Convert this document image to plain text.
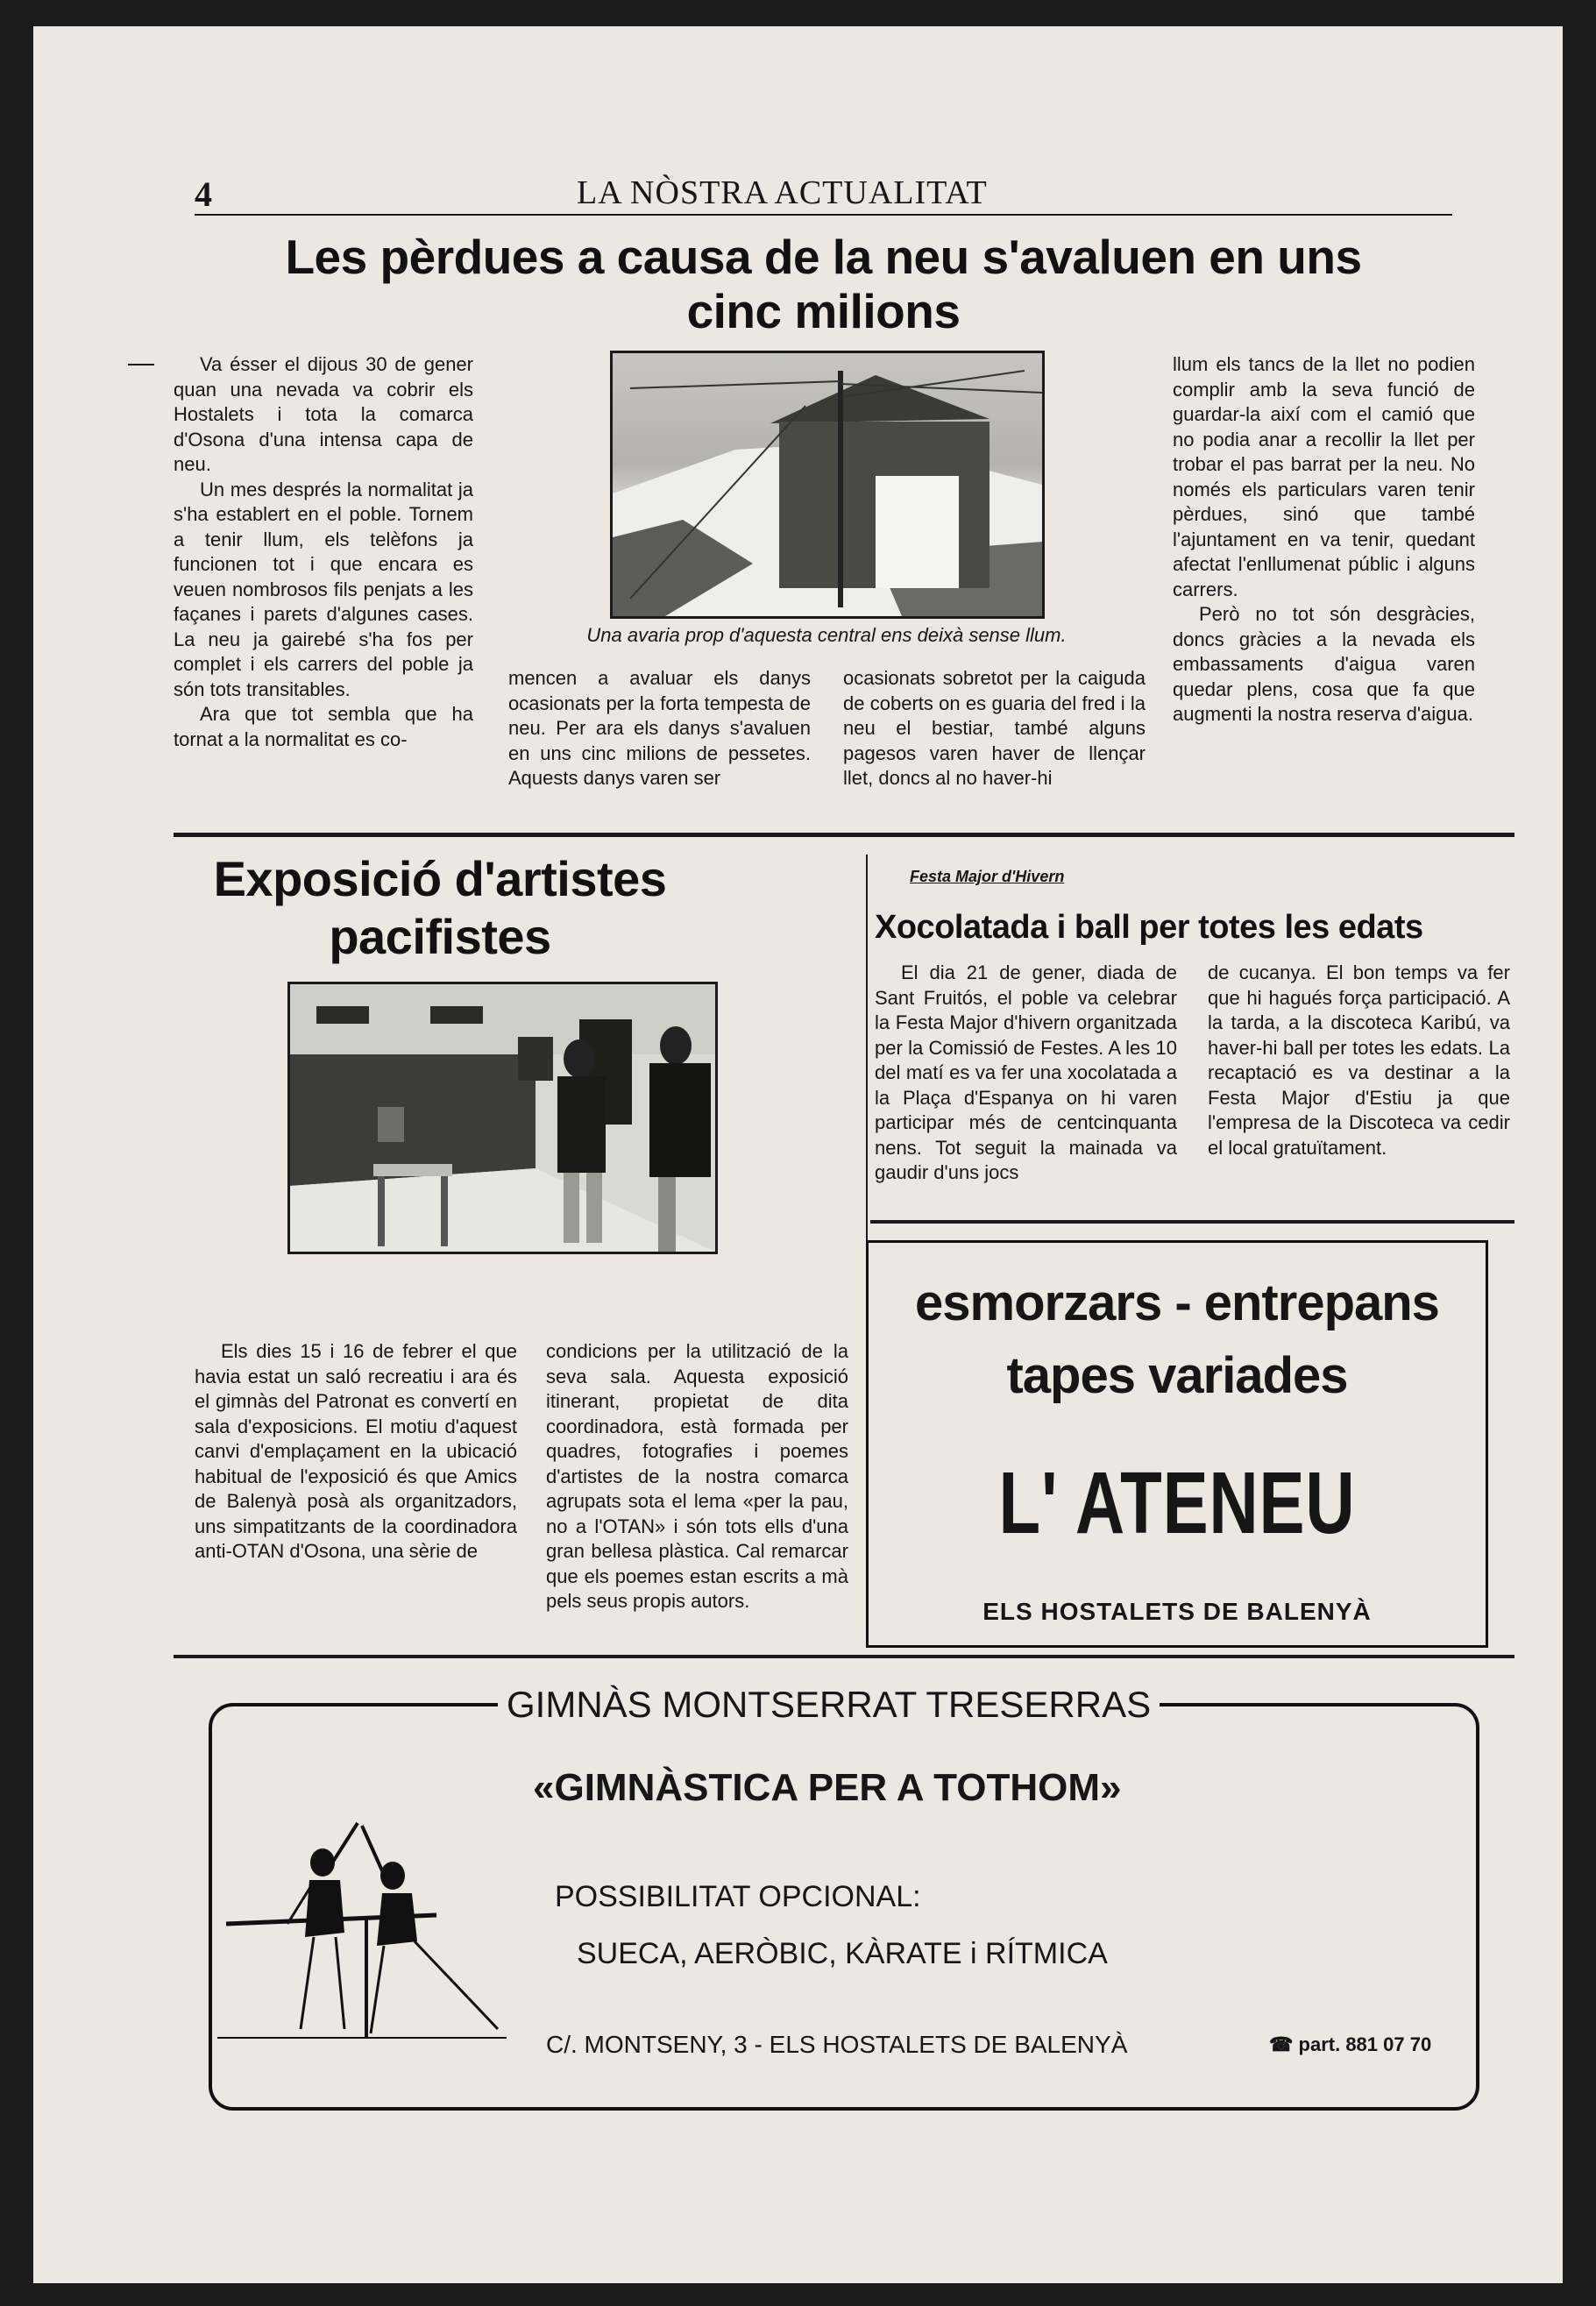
4	LA NÒSTRA ACTUALITAT
Les pèrdues a causa de la neu s'avaluen en uns
cinc milions
Una avaria prop d'aquesta central ens deixà sense llum.

Va ésser el dijous 30 de gener quan una nevada va cobrir els Hostalets i tota la comarca d'Osona d'una intensa capa de neu.

Un mes després la normalitat ja s'ha establert en el poble. Tornem a tenir llum, els telèfons ja funcionen tot i que encara es veuen nombrosos fils penjats a les façanes i parets d'algunes cases. La neu ja gairebé s'ha fos per complet i els carrers del poble ja són tots transitables.

Ara que tot sembla que ha tornat a la normalitat es co-

mencen a avaluar els danys ocasionats per la forta tempesta de neu. Per ara els danys s'avaluen en uns cinc milions de pessetes. Aquests danys varen ser
ocasionats sobretot per la caiguda de coberts on es guaria del fred i la neu el bestiar, també alguns pagesos varen haver de llençar llet, doncs al no haver-hi

llum els tancs de la llet no podien complir amb la seva funció de guardar-la així com el camió que no podia anar a recollir la llet per trobar el pas barrat per la neu. No només els particulars varen tenir pèrdues, sinó que també l'ajuntament en va tenir, quedant afectat l'enllumenat públic i alguns carrers.

Però no tot són desgràcies, doncs gràcies a la nevada els embassaments d'aigua varen quedar plens, cosa que fa que augmenti la nostra reserva d'aigua.

Exposició d'artistes
pacifistes

Els dies 15 i 16 de febrer el que havia estat un saló recreatiu i ara és el gimnàs del Patronat es convertí en sala d'exposicions. El motiu d'aquest canvi d'emplaçament en la ubicació habitual de l'exposició és que Amics de Balenyà posà als organitzadors, uns simpatitzants de la coordinadora anti-OTAN d'Osona, una sèrie de

condicions per la utilització de la seva sala. Aquesta exposició itinerant, propietat de dita coordinadora, està formada per quadres, fotografies i poemes d'artistes de la nostra comarca agrupats sota el lema «per la pau, no a l'OTAN» i són tots ells d'una gran bellesa plàstica. Cal remarcar que els poemes estan escrits a mà pels seus propis autors.
Festa Major d'Hivern
Xocolatada i ball per totes les edats

El dia 21 de gener, diada de Sant Fruitós, el poble va celebrar la Festa Major d'hivern organitzada per la Comissió de Festes. A les 10 del matí es va fer una xocolatada a la Plaça d'Espanya on hi varen participar més de centcinquanta nens. Tot seguit la mainada va gaudir d'uns jocs

de cucanya. El bon temps va fer que hi hagués força participació. A la tarda, a la discoteca Karibú, va haver-hi ball per totes les edats. La recaptació es va destinar a la Festa Major d'Estiu ja que l'empresa de la Discoteca va cedir el local gratuïtament.
esmorzars - entrepans
tapes variades
L' ATENEU
ELS HOSTALETS DE BALENYÀ
GIMNÀS MONTSERRAT TRESERRAS
«GIMNÀSTICA PER A TOTHOM»
POSSIBILITAT OPCIONAL:
SUECA, AERÒBIC, KÀRATE i RÍTMICA
C/. MONTSENY, 3 - ELS HOSTALETS DE BALENYÀ	☎ part. 881 07 70
